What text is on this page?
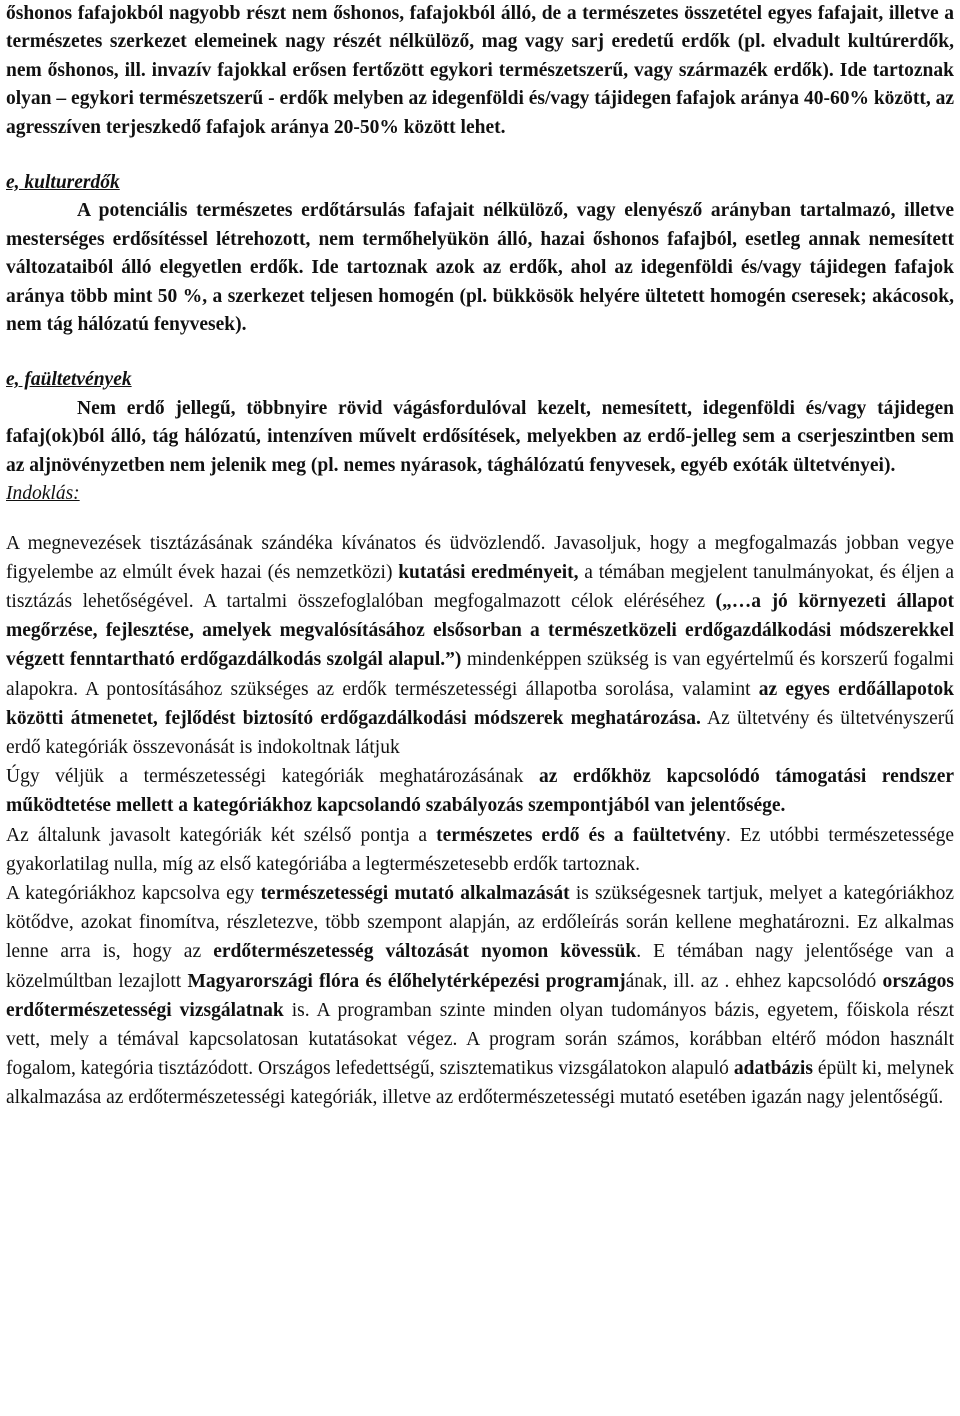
őshonos fafajokból nagyobb részt nem őshonos, fafajokból álló, de a természetes összetétel egyes fafajait, illetve a természetes szerkezet elemeinek nagy részét nélkülöző, mag vagy sarj eredetű erdők (pl. elvadult kultúrerdők, nem őshonos, ill. invazív fajokkal erősen fertőzött egykori természetszerű, vagy származék erdők). Ide tartoznak olyan – egykori természetszerű - erdők melyben az idegenföldi és/vagy tájidegen fafajok aránya 40-60% között, az agresszíven terjeszkedő fafajok aránya 20-50% között lehet.

e, kulturerdők

A potenciális természetes erdőtársulás fafajait nélkülöző, vagy elenyésző arányban tartalmazó, illetve mesterséges erdősítéssel létrehozott, nem termőhelyükön álló, hazai őshonos fafajból, esetleg annak nemesített változataiból álló elegyetlen erdők. Ide tartoznak azok az erdők, ahol az idegenföldi és/vagy tájidegen fafajok aránya több mint 50 %, a szerkezet teljesen homogén (pl. bükkösök helyére ültetett homogén cseresek; akácosok, nem tág hálózatú fenyvesek).

e, faültetvények

Nem erdő jellegű, többnyire rövid vágásfordulóval kezelt, nemesített, idegenföldi és/vagy tájidegen fafaj(ok)ból álló, tág hálózatú, intenzíven művelt erdősítések, melyekben az erdő-jelleg sem a cserjeszintben sem az aljnövényzetben nem jelenik meg (pl. nemes nyárasok, tághálózatú fenyvesek, egyéb exóták ültetvényei).

Indoklás:

A megnevezések tisztázásának szándéka kívánatos és üdvözlendő. Javasoljuk, hogy a megfogalmazás jobban vegye figyelembe az elmúlt évek hazai (és nemzetközi) kutatási eredményeit, a témában megjelent tanulmányokat, és éljen a tisztázás lehetőségével. A tartalmi összefoglalóban megfogalmazott célok eléréséhez („…a jó környezeti állapot megőrzése, fejlesztése, amelyek megvalósításához elsősorban a természetközeli erdőgazdálkodási módszerekkel végzett fenntartható erdőgazdálkodás szolgál alapul.”) mindenképpen szükség is van egyértelmű és korszerű fogalmi alapokra. A pontosításához szükséges az erdők természetességi állapotba sorolása, valamint az egyes erdőállapotok közötti átmenetet, fejlődést biztosító erdőgazdálkodási módszerek meghatározása. Az ültetvény és ültetvényszerű erdő kategóriák összevonását is indokoltnak látjuk

Úgy véljük a természetességi kategóriák meghatározásának az erdőkhöz kapcsolódó támogatási rendszer működtetése mellett a kategóriákhoz kapcsolandó szabályozás szempontjából van jelentősége.

Az általunk javasolt kategóriák két szélső pontja a természetes erdő és a faültetvény. Ez utóbbi természetessége gyakorlatilag nulla, míg az első kategóriába a legtermészetesebb erdők tartoznak.

A kategóriákhoz kapcsolva egy természetességi mutató alkalmazását is szükségesnek tartjuk, melyet a kategóriákhoz kötődve, azokat finomítva, részletezve, több szempont alapján, az erdőleírás során kellene meghatározni. Ez alkalmas lenne arra is, hogy az erdőtermészetesség változását nyomon kövessük. E témában nagy jelentősége van a közelmúltban lezajlott Magyarországi flóra és élőhelytérképezési programjának, ill. az . ehhez kapcsolódó országos erdőtermészetességi vizsgálatnak is. A programban szinte minden olyan tudományos bázis, egyetem, főiskola részt vett, mely a témával kapcsolatosan kutatásokat végez. A program során számos, korábban eltérő módon használt fogalom, kategória tisztázódott. Országos lefedettségű, szisztematikus vizsgálatokon alapuló adatbázis épült ki, melynek alkalmazása az erdőtermészetességi kategóriák, illetve az erdőtermészetességi mutató esetében igazán nagy jelentőségű.
